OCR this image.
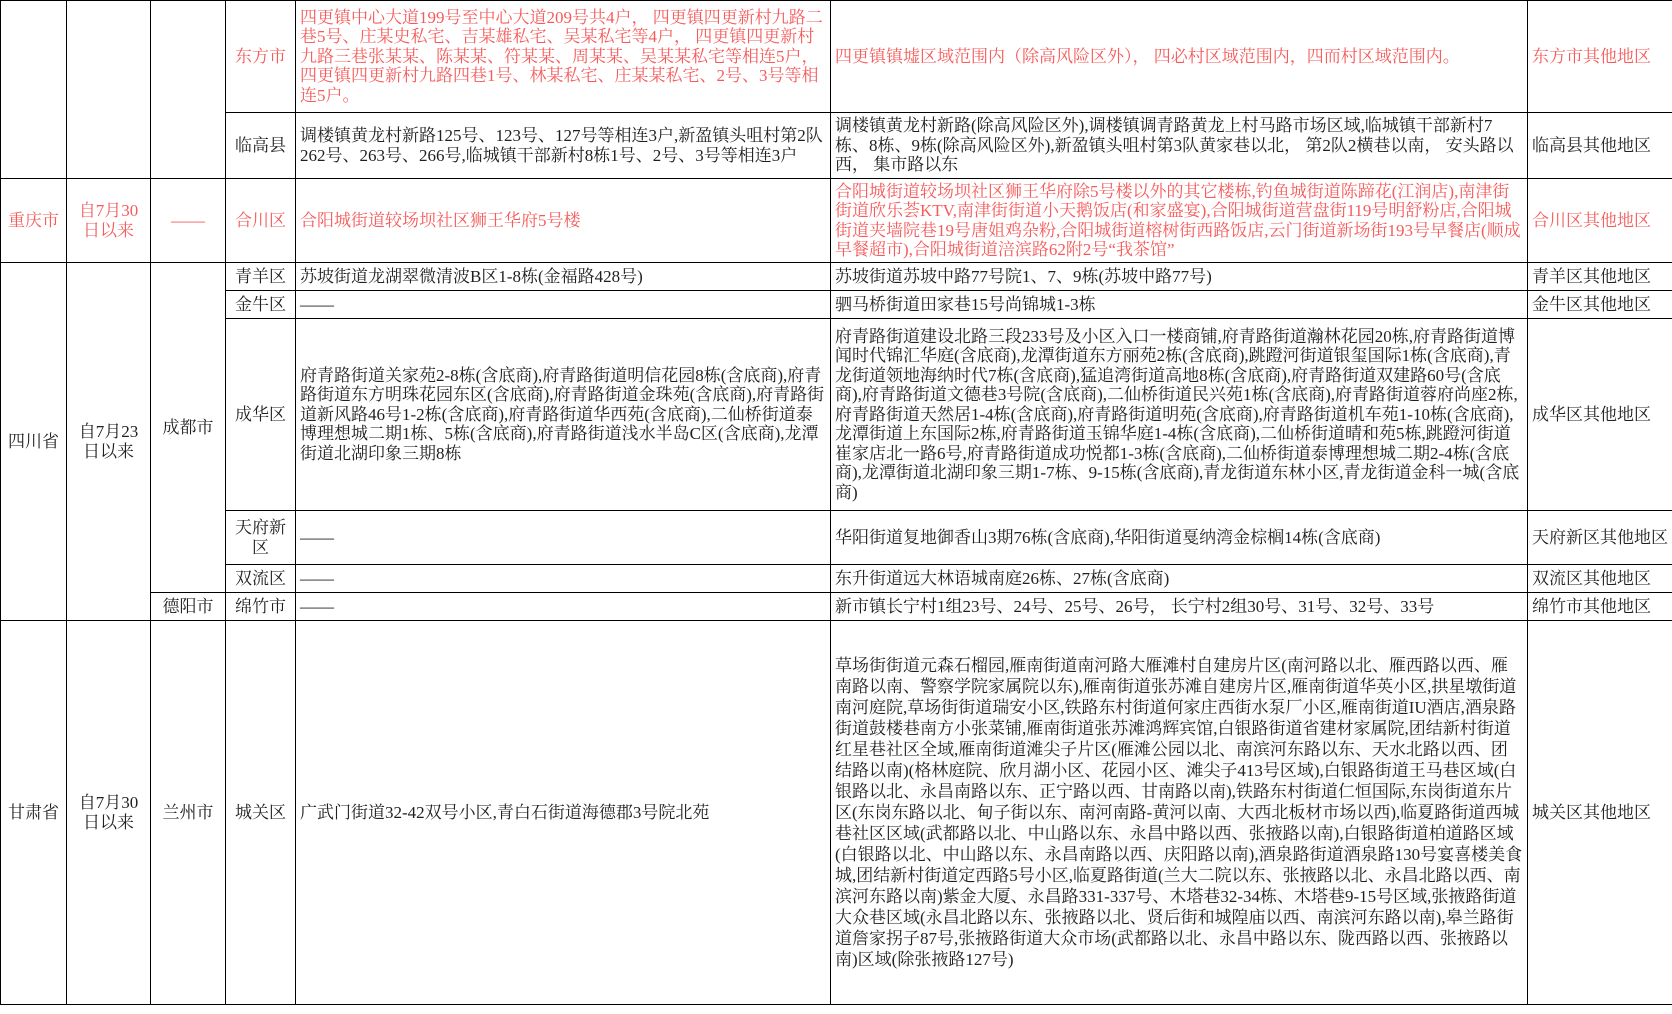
			东方市	四更镇中心大道199号至中心大道209号共4户， 四更镇四更新村九路二巷5号、庄某史私宅、吉某雄私宅、吴某私宅等4户， 四更镇四更新村九路三巷张某某、陈某某、符某某、周某某、吴某某私宅等相连5户， 四更镇四更新村九路四巷1号、林某私宅、庄某某私宅、2号、3号等相连5户。	四更镇镇墟区域范围内（除高风险区外）， 四必村区域范围内，四而村区域范围内。	东方市其他地区
			临高县	调楼镇黄龙村新路125号、123号、127号等相连3户,新盈镇头咀村第2队262号、263号、266号,临城镇干部新村8栋1号、2号、3号等相连3户	调楼镇黄龙村新路(除高风险区外),调楼镇调青路黄龙上村马路市场区域,临城镇干部新村7栋、8栋、9栋(除高风险区外),新盈镇头咀村第3队黄家巷以北， 第2队2横巷以南， 安头路以西， 集市路以东	临高县其他地区
重庆市	自7月30日以来	——	合川区	合阳城街道较场坝社区狮王华府5号楼	合阳城街道较场坝社区狮王华府除5号楼以外的其它楼栋,钓鱼城街道陈蹄花(江润店),南津街街道欣乐荟KTV,南津街街道小天鹅饭店(和家盛宴),合阳城街道营盘街119号明舒粉店,合阳城街道夹墙院巷19号唐姐鸡杂粉,合阳城街道榕树街西路饭店,云门街道新场街193号早餐店(顺成早餐超市),合阳城街道涪滨路62附2号“我茶馆”	合川区其他地区
四川省	自7月23日以来	成都市	青羊区	苏坡街道龙湖翠微清波B区1-8栋(金福路428号)	苏坡街道苏坡中路77号院1、7、9栋(苏坡中路77号)	青羊区其他地区
			金牛区	——	驷马桥街道田家巷15号尚锦城1-3栋	金牛区其他地区
			成华区	府青路街道关家苑2-8栋(含底商),府青路街道明信花园8栋(含底商),府青路街道东方明珠花园东区(含底商),府青路街道金珠苑(含底商),府青路街道新风路46号1-2栋(含底商),府青路街道华西苑(含底商),二仙桥街道泰博理想城二期1栋、5栋(含底商),府青路街道浅水半岛C区(含底商),龙潭街道北湖印象三期8栋	府青路街道建设北路三段233号及小区入口一楼商铺,府青路街道瀚林花园20栋,府青路街道博闻时代锦汇华庭(含底商),龙潭街道东方丽苑2栋(含底商),跳蹬河街道银玺国际1栋(含底商),青龙街道领地海纳时代7栋(含底商),猛追湾街道高地8栋(含底商),府青路街道双建路60号(含底商),府青路街道文德巷3号院(含底商),二仙桥街道民兴苑1栋(含底商),府青路街道蓉府尚座2栋,府青路街道天然居1-4栋(含底商),府青路街道明苑(含底商),府青路街道机车苑1-10栋(含底商),龙潭街道上东国际2栋,府青路街道玉锦华庭1-4栋(含底商),二仙桥街道晴和苑5栋,跳蹬河街道崔家店北一路6号,府青路街道成功悦都1-3栋(含底商),二仙桥街道泰博理想城二期2-4栋(含底商),龙潭街道北湖印象三期1-7栋、9-15栋(含底商),青龙街道东林小区,青龙街道金科一城(含底商)	成华区其他地区
			天府新区	——	华阳街道复地御香山3期76栋(含底商),华阳街道戛纳湾金棕榈14栋(含底商)	天府新区其他地区
			双流区	——	东升街道远大林语城南庭26栋、27栋(含底商)	双流区其他地区
		德阳市	绵竹市	——	新市镇长宁村1组23号、24号、25号、26号， 长宁村2组30号、31号、32号、33号	绵竹市其他地区
甘肃省	自7月30日以来	兰州市	城关区	广武门街道32-42双号小区,青白石街道海德郡3号院北苑	草场街街道元森石榴园,雁南街道南河路大雁滩村自建房片区(南河路以北、雁西路以西、雁南路以南、警察学院家属院以东),雁南街道张苏滩自建房片区,雁南街道华英小区,拱星墩街道南河庭院,草场街街道瑞安小区,铁路东村街道何家庄西街水泵厂小区,雁南街道IU酒店,酒泉路街道鼓楼巷南方小张菜铺,雁南街道张苏滩鸿辉宾馆,白银路街道省建材家属院,团结新村街道红星巷社区全域,雁南街道滩尖子片区(雁滩公园以北、南滨河东路以东、天水北路以西、团结路以南)(格林庭院、欣月湖小区、花园小区、滩尖子413号区域),白银路街道王马巷区域(白银路以北、永昌南路以东、正宁路以西、甘南路以南),铁路东村街道仁恒国际,东岗街道东片区(东岗东路以北、甸子街以东、南河南路-黄河以南、大西北板材市场以西),临夏路街道西城巷社区区域(武都路以北、中山路以东、永昌中路以西、张掖路以南),白银路街道柏道路区域(白银路以北、中山路以东、永昌南路以西、庆阳路以南),酒泉路街道酒泉路130号宴喜楼美食城,团结新村街道定西路5号小区,临夏路街道(兰大二院以东、张掖路以北、永昌北路以西、南滨河东路以南)紫金大厦、永昌路331-337号、木塔巷32-34栋、木塔巷9-15号区域,张掖路街道大众巷区域(永昌北路以东、张掖路以北、贤后街和城隍庙以西、南滨河东路以南),皋兰路街道詹家拐子87号,张掖路街道大众市场(武都路以北、永昌中路以东、陇西路以西、张掖路以南)区域(除张掖路127号)	城关区其他地区
